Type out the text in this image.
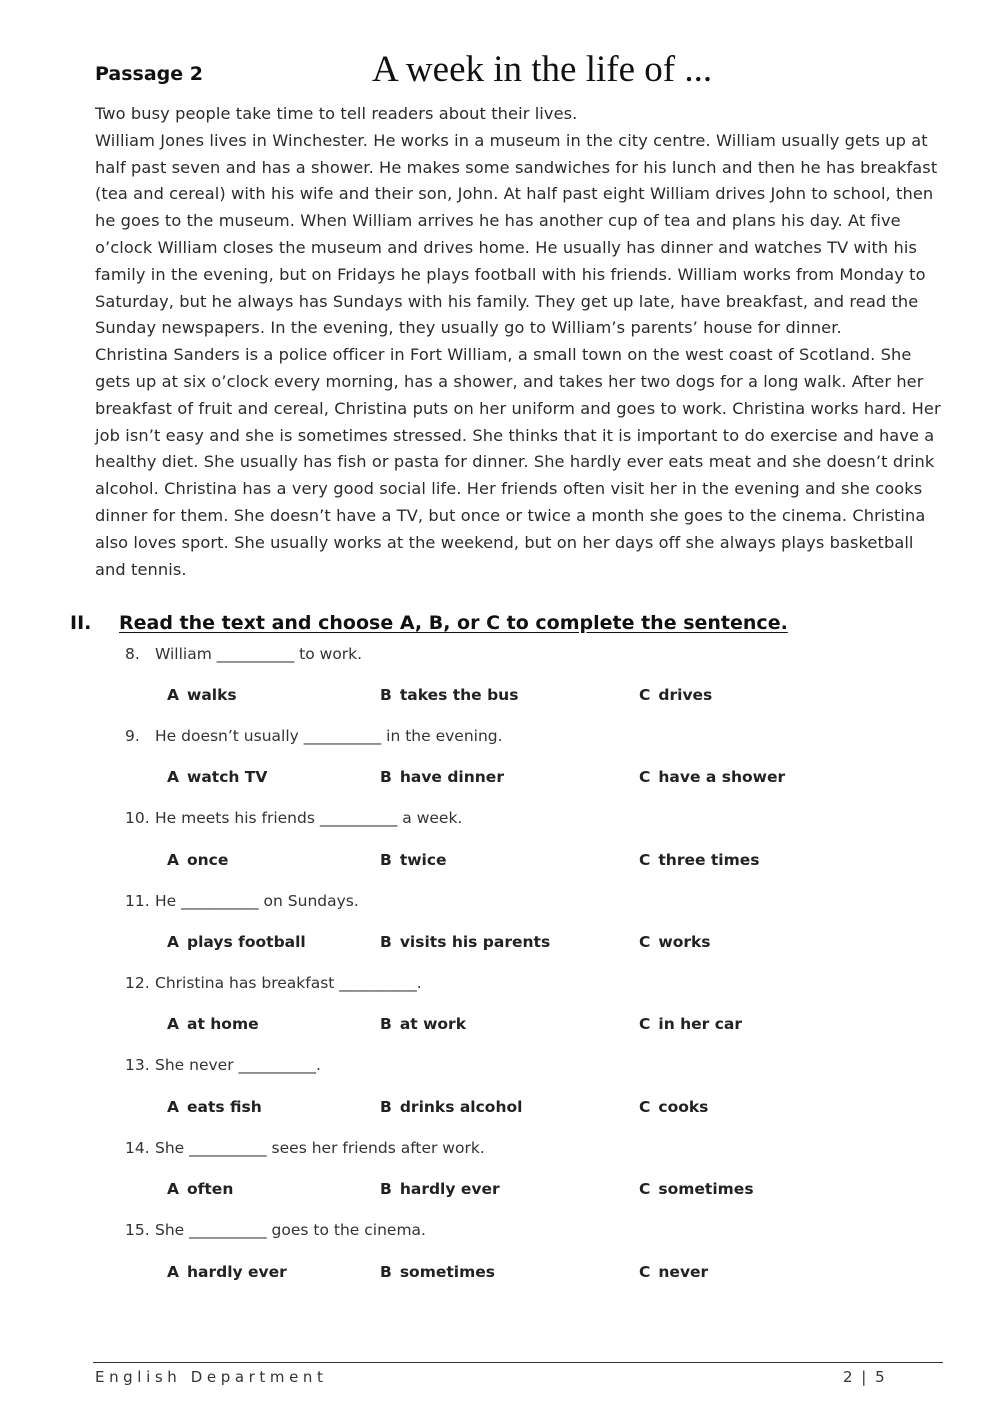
Passage 2	A week in the life of ...

Two busy people take time to tell readers about their lives.

William Jones lives in Winchester. He works in a museum in the city centre. William usually gets up at half past seven and has a shower. He makes some sandwiches for his lunch and then he has breakfast (tea and cereal) with his wife and their son, John. At half past eight William drives John to school, then he goes to the museum. When William arrives he has another cup of tea and plans his day. At five o’clock William closes the museum and drives home. He usually has dinner and watches TV with his family in the evening, but on Fridays he plays football with his friends. William works from Monday to Saturday, but he always has Sundays with his family. They get up late, have breakfast, and read the Sunday newspapers. In the evening, they usually go to William’s parents’ house for dinner.

Christina Sanders is a police officer in Fort William, a small town on the west coast of Scotland. She gets up at six o’clock every morning, has a shower, and takes her two dogs for a long walk. After her breakfast of fruit and cereal, Christina puts on her uniform and goes to work. Christina works hard. Her job isn’t easy and she is sometimes stressed. She thinks that it is important to do exercise and have a healthy diet. She usually has fish or pasta for dinner. She hardly ever eats meat and she doesn’t drink alcohol. Christina has a very good social life. Her friends often visit her in the evening and she cooks dinner for them. She doesn’t have a TV, but once or twice a month she goes to the cinema. Christina also loves sport. She usually works at the weekend, but on her days off she always plays basketball and tennis.

II. Read the text and choose A, B, or C to complete the sentence.
8. William __________ to work.
A walks	B takes the bus	C drives
9. He doesn’t usually __________ in the evening.
A watch TV	B have dinner	C have a shower
10. He meets his friends __________ a week.
A once	B twice	C three times
11. He __________ on Sundays.
A plays football	B visits his parents	C works
12. Christina has breakfast __________.
A at home	B at work	C in her car
13. She never __________.
A eats fish	B drinks alcohol	C cooks
14. She __________ sees her friends after work.
A often	B hardly ever	C sometimes
15. She __________ goes to the cinema.
A hardly ever	B sometimes	C never
English Department	2 | 5
